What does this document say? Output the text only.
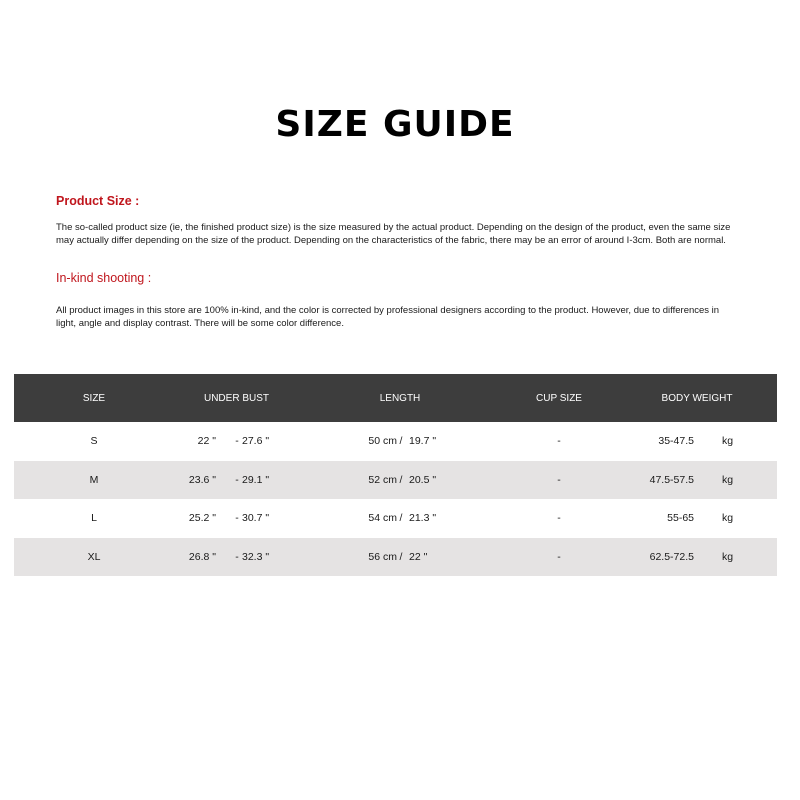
SIZE GUIDE
Product Size :
The so-called product size (ie, the finished product size) is the size measured by the actual product. Depending on the design of the product, even the same size may actually differ depending on the size of the product. Depending on the characteristics of the fabric, there may be an error of around I-3cm. Both are normal.
In-kind shooting :
All product images in this store are 100% in-kind, and the color is corrected by professional designers according to the product. However, due to differences in light, angle and display contrast. There will be some color difference.
SIZE	UNDER BUST	LENGTH	CUP SIZE	BODY WEIGHT
S	22 " - 27.6 "	50 cm / 19.7 "	-	35-47.5	kg
M	23.6 " - 29.1 "	52 cm / 20.5 "	-	47.5-57.5	kg
L	25.2 " - 30.7 "	54 cm / 21.3 "	-	55-65	kg
XL	26.8 " - 32.3 "	56 cm / 22 "	-	62.5-72.5	kg
